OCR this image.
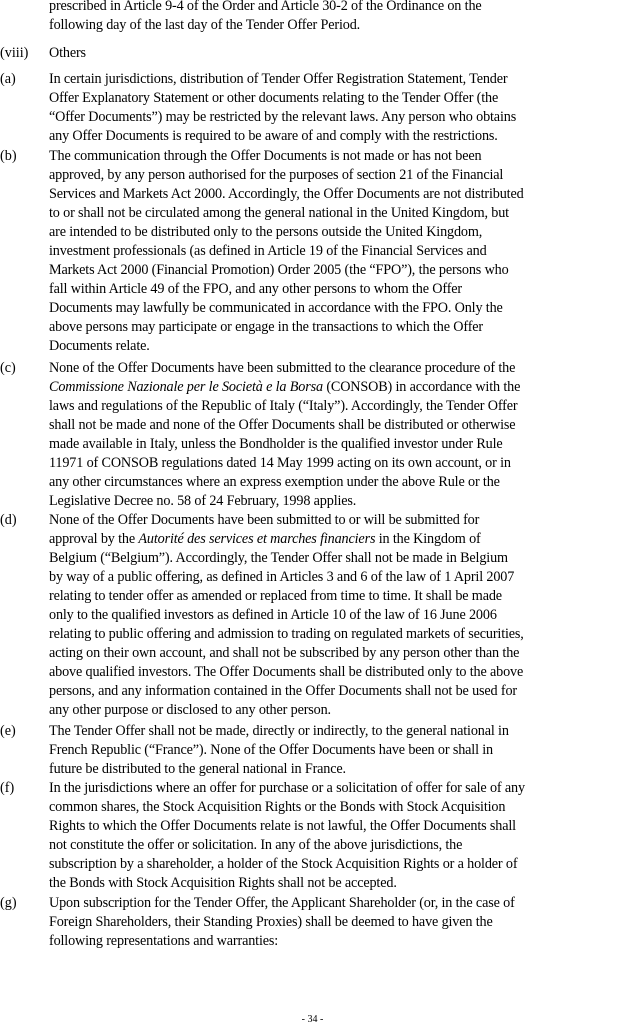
prescribed in Article 9-4 of the Order and Article 30-2 of the Ordinance on the
following day of the last day of the Tender Offer Period.
(viii) Others
(a) In certain jurisdictions, distribution of Tender Offer Registration Statement, Tender
Offer Explanatory Statement or other documents relating to the Tender Offer (the
“Offer Documents”) may be restricted by the relevant laws. Any person who obtains
any Offer Documents is required to be aware of and comply with the restrictions.
(b) The communication through the Offer Documents is not made or has not been
approved, by any person authorised for the purposes of section 21 of the Financial
Services and Markets Act 2000. Accordingly, the Offer Documents are not distributed
to or shall not be circulated among the general national in the United Kingdom, but
are intended to be distributed only to the persons outside the United Kingdom,
investment professionals (as defined in Article 19 of the Financial Services and
Markets Act 2000 (Financial Promotion) Order 2005 (the “FPO”), the persons who
fall within Article 49 of the FPO, and any other persons to whom the Offer
Documents may lawfully be communicated in accordance with the FPO. Only the
above persons may participate or engage in the transactions to which the Offer
Documents relate.
(c) None of the Offer Documents have been submitted to the clearance procedure of the
Commissione Nazionale per le Società e la Borsa (CONSOB) in accordance with the
laws and regulations of the Republic of Italy (“Italy”). Accordingly, the Tender Offer
shall not be made and none of the Offer Documents shall be distributed or otherwise
made available in Italy, unless the Bondholder is the qualified investor under Rule
11971 of CONSOB regulations dated 14 May 1999 acting on its own account, or in
any other circumstances where an express exemption under the above Rule or the
Legislative Decree no. 58 of 24 February, 1998 applies.
(d) None of the Offer Documents have been submitted to or will be submitted for
approval by the Autorité des services et marches financiers in the Kingdom of
Belgium (“Belgium”). Accordingly, the Tender Offer shall not be made in Belgium
by way of a public offering, as defined in Articles 3 and 6 of the law of 1 April 2007
relating to tender offer as amended or replaced from time to time. It shall be made
only to the qualified investors as defined in Article 10 of the law of 16 June 2006
relating to public offering and admission to trading on regulated markets of securities,
acting on their own account, and shall not be subscribed by any person other than the
above qualified investors. The Offer Documents shall be distributed only to the above
persons, and any information contained in the Offer Documents shall not be used for
any other purpose or disclosed to any other person.
(e) The Tender Offer shall not be made, directly or indirectly, to the general national in
French Republic (“France”). None of the Offer Documents have been or shall in
future be distributed to the general national in France.
(f) In the jurisdictions where an offer for purchase or a solicitation of offer for sale of any
common shares, the Stock Acquisition Rights or the Bonds with Stock Acquisition
Rights to which the Offer Documents relate is not lawful, the Offer Documents shall
not constitute the offer or solicitation. In any of the above jurisdictions, the
subscription by a shareholder, a holder of the Stock Acquisition Rights or a holder of
the Bonds with Stock Acquisition Rights shall not be accepted.
(g) Upon subscription for the Tender Offer, the Applicant Shareholder (or, in the case of
Foreign Shareholders, their Standing Proxies) shall be deemed to have given the
following representations and warranties:
- 34 -
